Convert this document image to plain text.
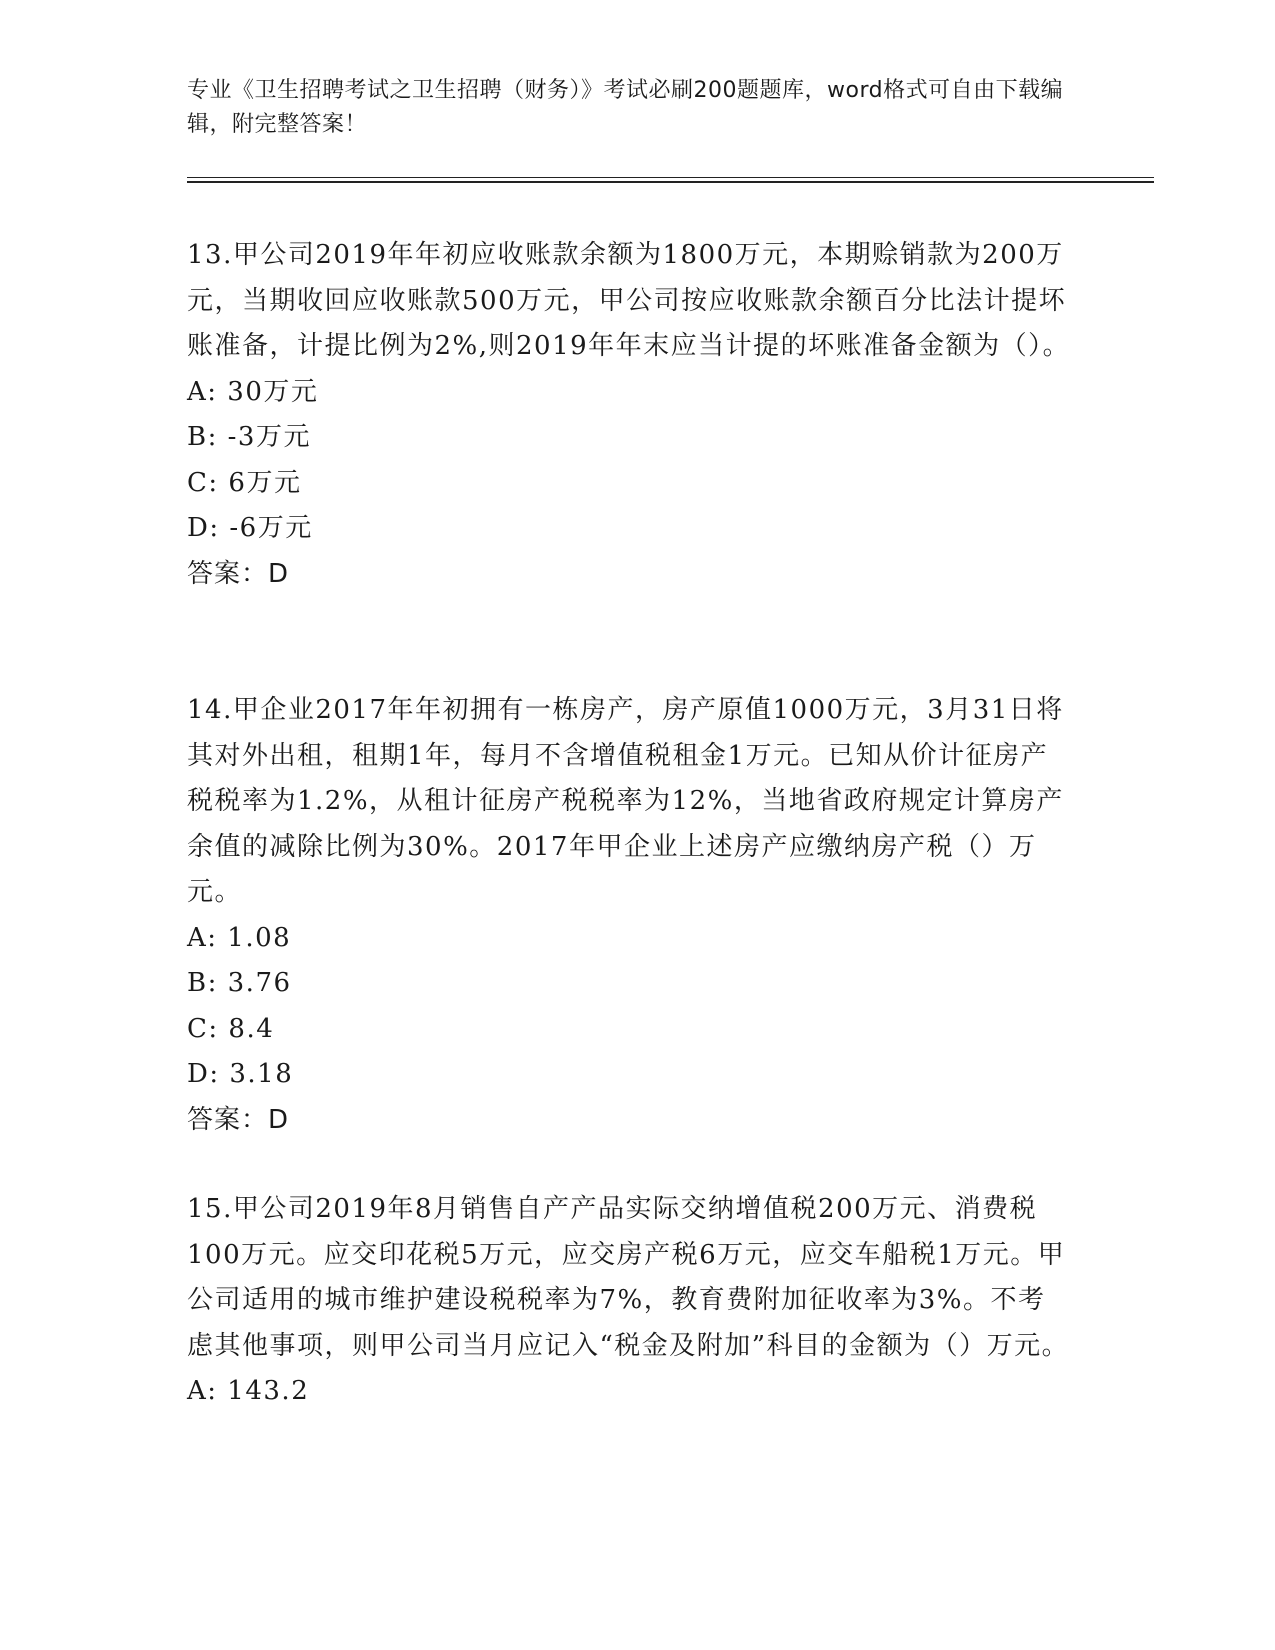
专业《卫生招聘考试之卫生招聘（财务）》考试必刷200题题库，word格式可自由下载编辑，附完整答案！

13.甲公司2019年年初应收账款余额为1800万元，本期赊销款为200万元，当期收回应收账款500万元，甲公司按应收账款余额百分比法计提坏账准备，计提比例为2%,则2019年年末应当计提的坏账准备金额为（）。

A: 30万元

B: -3万元

C: 6万元

D: -6万元

答案：D

14.甲企业2017年年初拥有一栋房产，房产原值1000万元，3月31日将其对外出租，租期1年，每月不含增值税租金1万元。已知从价计征房产税税率为1.2%，从租计征房产税税率为12%，当地省政府规定计算房产余值的减除比例为30%。2017年甲企业上述房产应缴纳房产税（）万元。

A: 1.08

B: 3.76

C: 8.4

D: 3.18

答案：D

15.甲公司2019年8月销售自产产品实际交纳增值税200万元、消费税100万元。应交印花税5万元，应交房产税6万元，应交车船税1万元。甲公司适用的城市维护建设税税率为7%，教育费附加征收率为3%。不考虑其他事项，则甲公司当月应记入“税金及附加”科目的金额为（）万元。

A: 143.2
